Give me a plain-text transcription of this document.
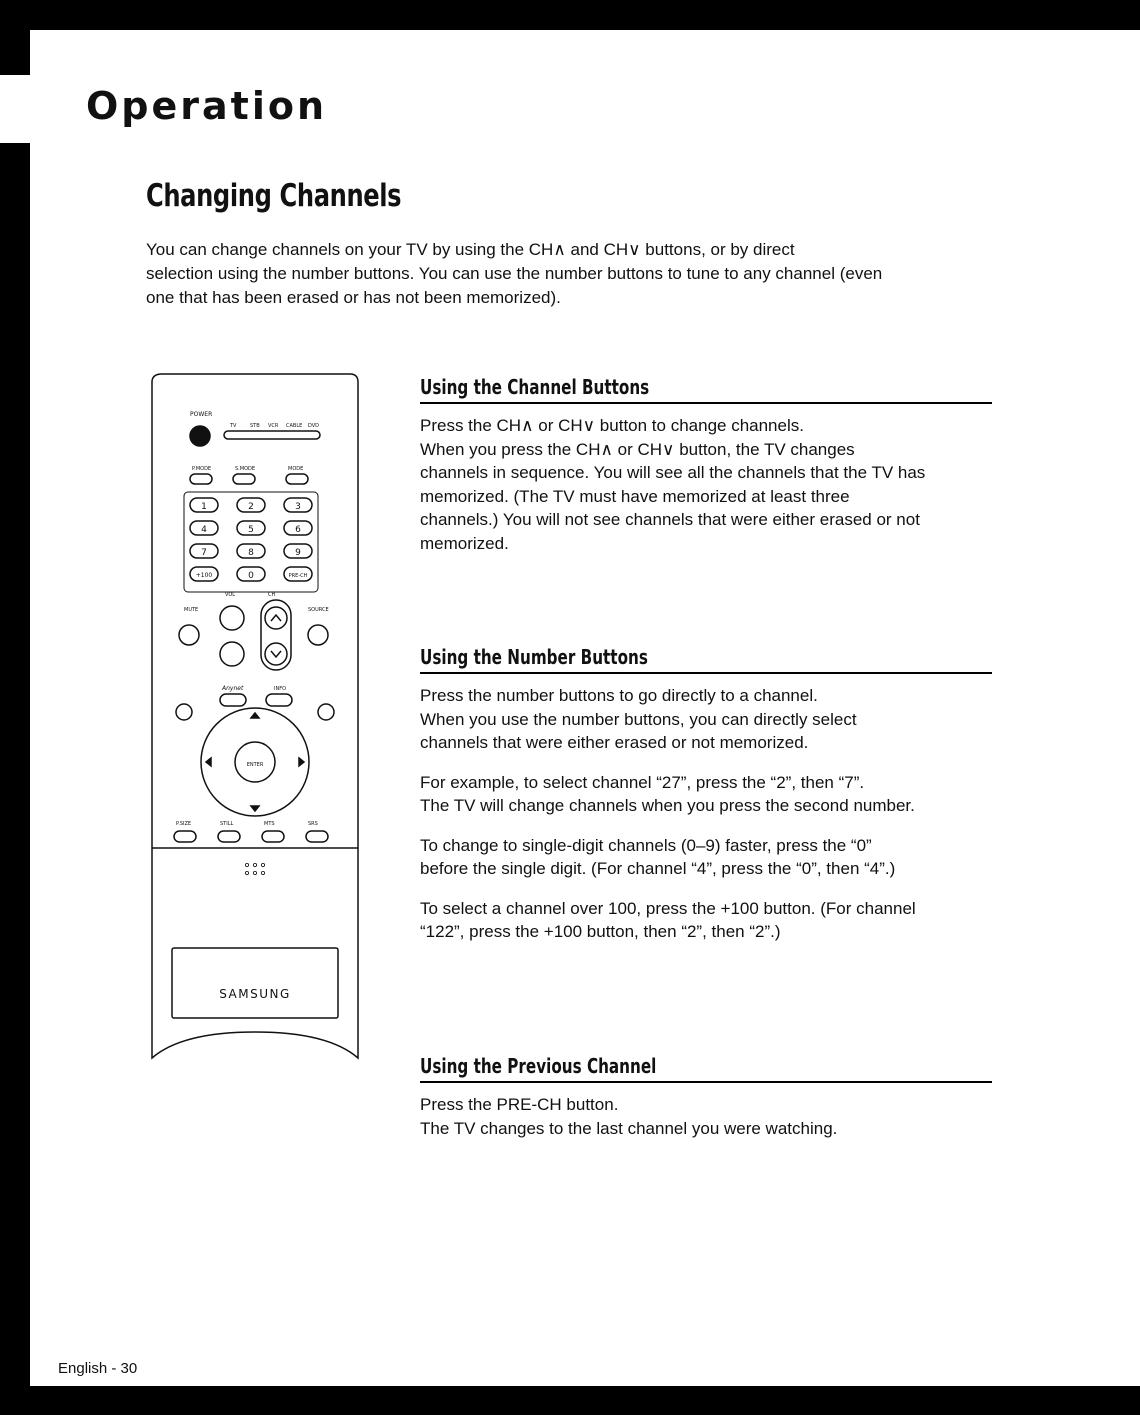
Operation
Changing Channels

You can change channels on your TV by using the CH∧ and CH∨ buttons, or by direct
selection using the number buttons. You can use the number buttons to tune to any channel (even
one that has been erased or has not been memorized).

Using the Channel Buttons

Press the CH∧ or CH∨ button to change channels.
When you press the CH∧ or CH∨ button, the TV changes
channels in sequence. You will see all the channels that the TV has
memorized. (The TV must have memorized at least three
channels.) You will not see channels that were either erased or not
memorized.

Using the Number Buttons

Press the number buttons to go directly to a channel.
When you use the number buttons, you can directly select
channels that were either erased or not memorized.

For example, to select channel “27”, press the “2”, then “7”.
The TV will change channels when you press the second number.

To change to single-digit channels (0–9) faster, press the “0”
before the single digit. (For channel “4”, press the “0”, then “4”.)

To select a channel over 100, press the +100 button. (For channel
“122”, press the +100 button, then “2”, then “2”.)

Using the Previous Channel

Press the PRE-CH button.
The TV changes to the last channel you were watching.

POWER
TV	STB VCR CABLE DVD
P.MODE	S.MODE	MODE
1	2	3
4	5	6
7	8	9
+100	0	PRE-CH
MUTE
VOL	CH
SOURCE
Anynet	INFO
ENTER
P.SIZE	STILL	MTS	SRS
SAMSUNG

English - 30
